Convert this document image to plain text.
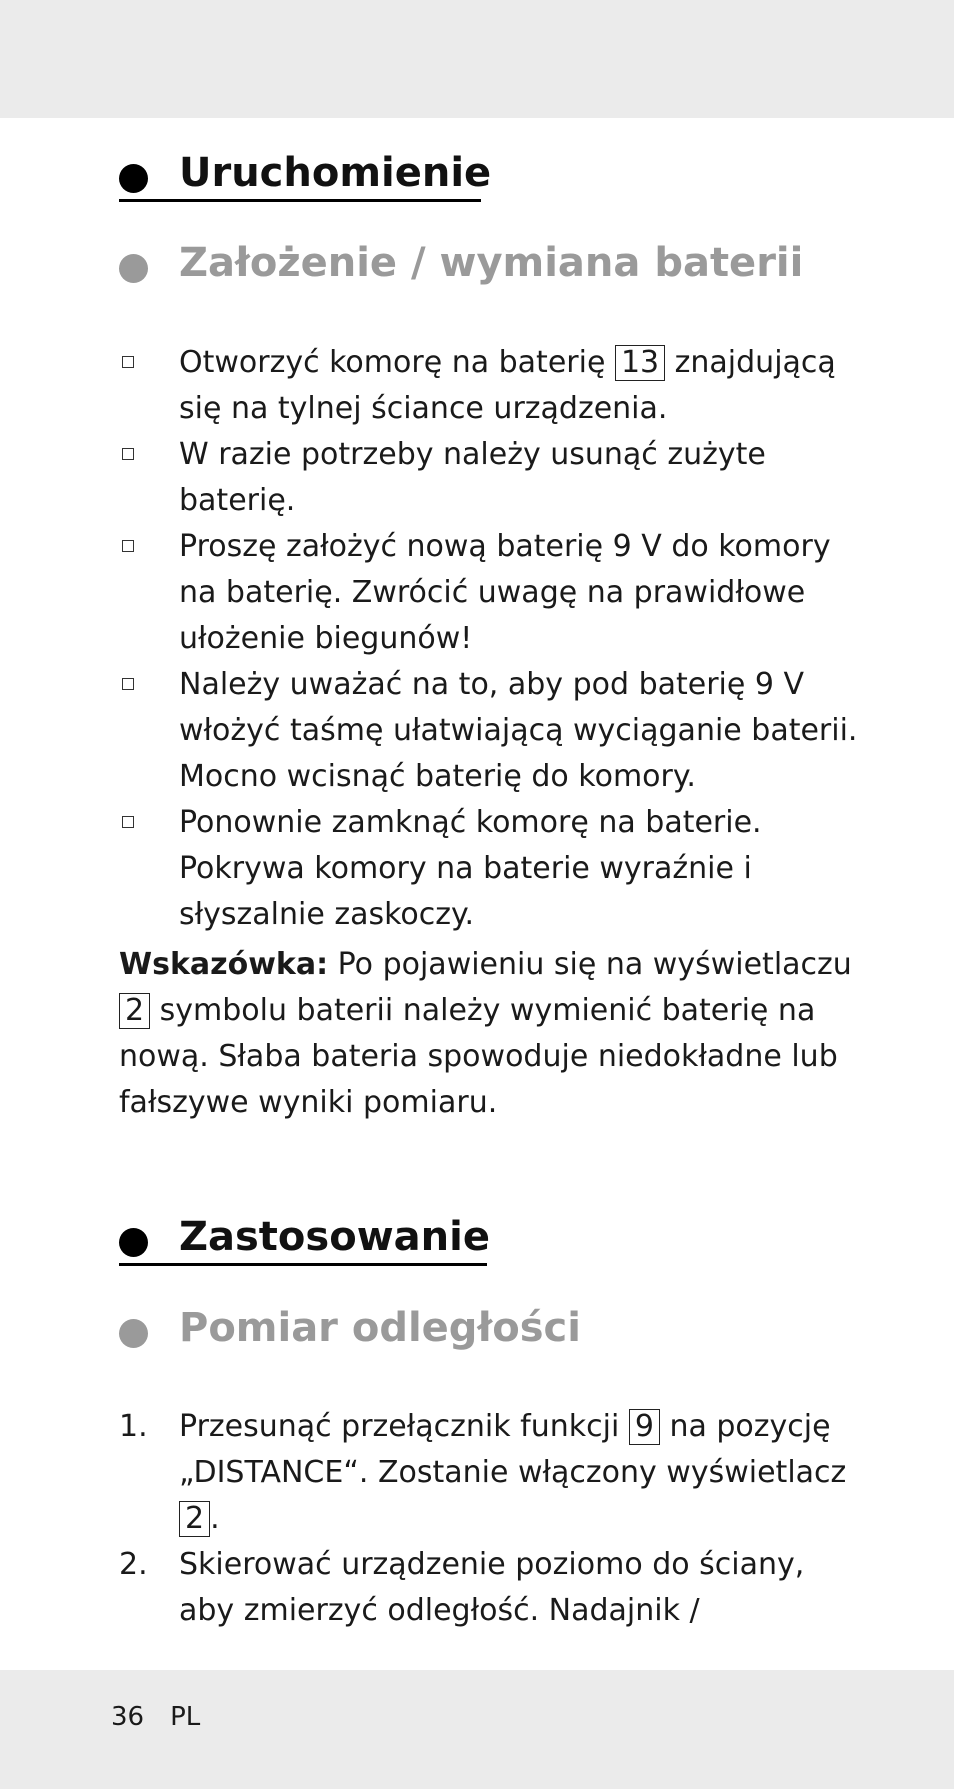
Uruchomienie
Założenie / wymiana baterii
Otworzyć komorę na baterię 13 znajdującą się na tylnej ściance urządzenia.
W razie potrzeby należy usunąć zużyte baterię.
Proszę założyć nową baterię 9 V do komory na baterię. Zwrócić uwagę na prawidłowe ułożenie biegunów!
Należy uważać na to, aby pod baterię 9 V włożyć taśmę ułatwiającą wyciąganie baterii. Mocno wcisnąć baterię do komory.
Ponownie zamknąć komorę na baterie. Pokrywa komory na baterie wyraźnie i słyszalnie zaskoczy.
Wskazówka: Po pojawieniu się na wyświetlaczu 2 symbolu baterii należy wymienić baterię na nową. Słaba bateria spowoduje niedokładne lub fałszywe wyniki pomiaru.
Zastosowanie
Pomiar odległości
1. Przesunąć przełącznik funkcji 9 na pozycję „DISTANCE“. Zostanie włączony wyświetlacz 2 .
2. Skierować urządzenie poziomo do ściany, aby zmierzyć odległość. Nadajnik /
36 PL
